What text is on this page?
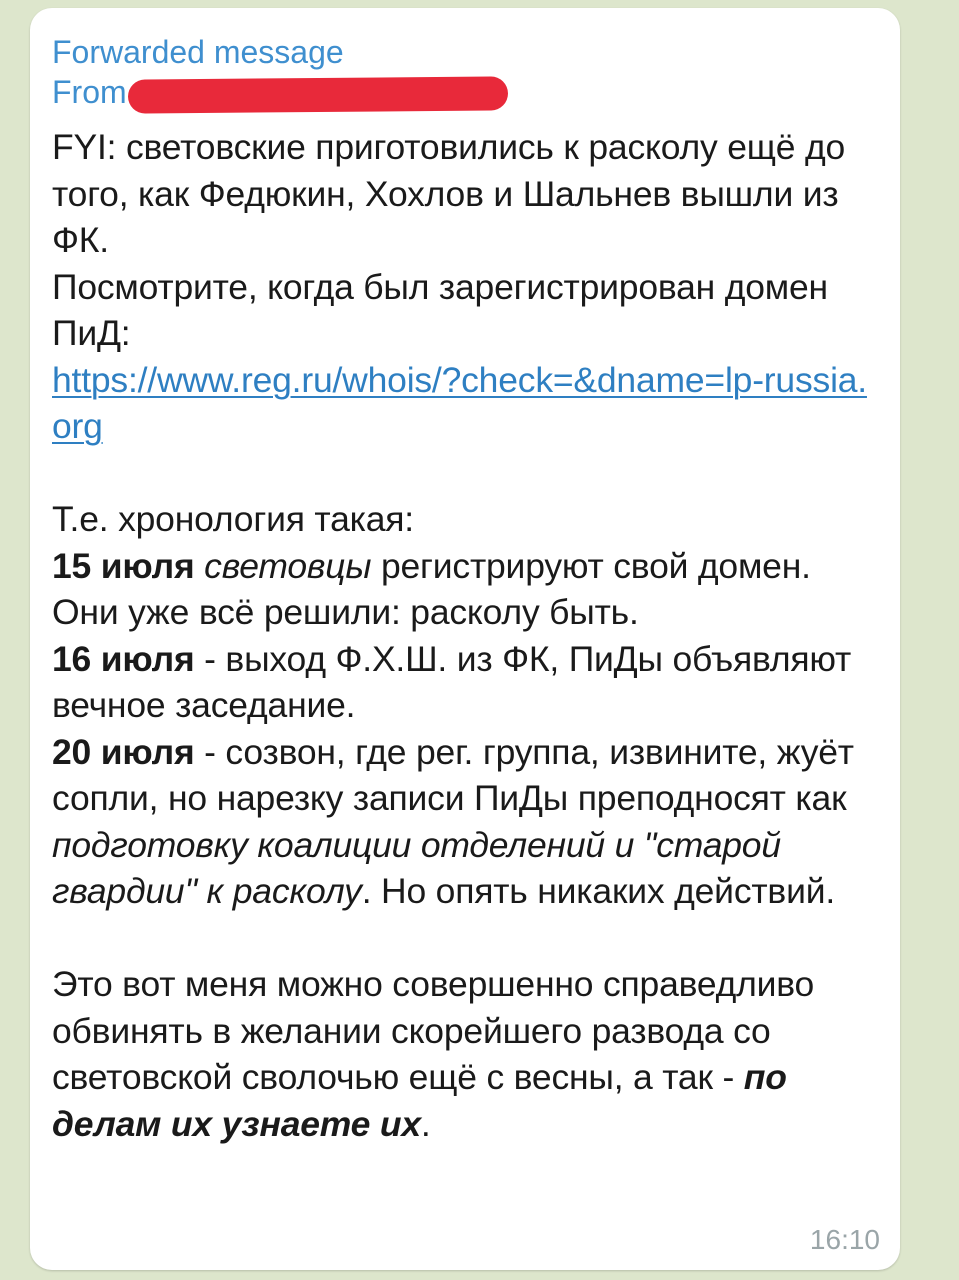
Forwarded message
From

FYI: световские приготовились к расколу ещё до того, как Федюкин, Хохлов и Шальнев вышли из ФК.

Посмотрите, когда был зарегистрирован домен ПиД:

https://www.reg.ru/whois/?check=&dname=lp-russia.org

Т.е. хронология такая:

15 июля световцы регистрируют свой домен. Они уже всё решили: расколу быть.

16 июля - выход Ф.Х.Ш. из ФК, ПиДы объявляют вечное заседание.

20 июля - созвон, где рег. группа, извините, жуёт сопли, но нарезку записи ПиДы преподносят как подготовку коалиции отделений и "старой гвардии" к расколу. Но опять никаких действий.

Это вот меня можно совершенно справедливо обвинять в желании скорейшего развода со световской сволочью ещё с весны, а так - по делам их узнаете их.

16:10
